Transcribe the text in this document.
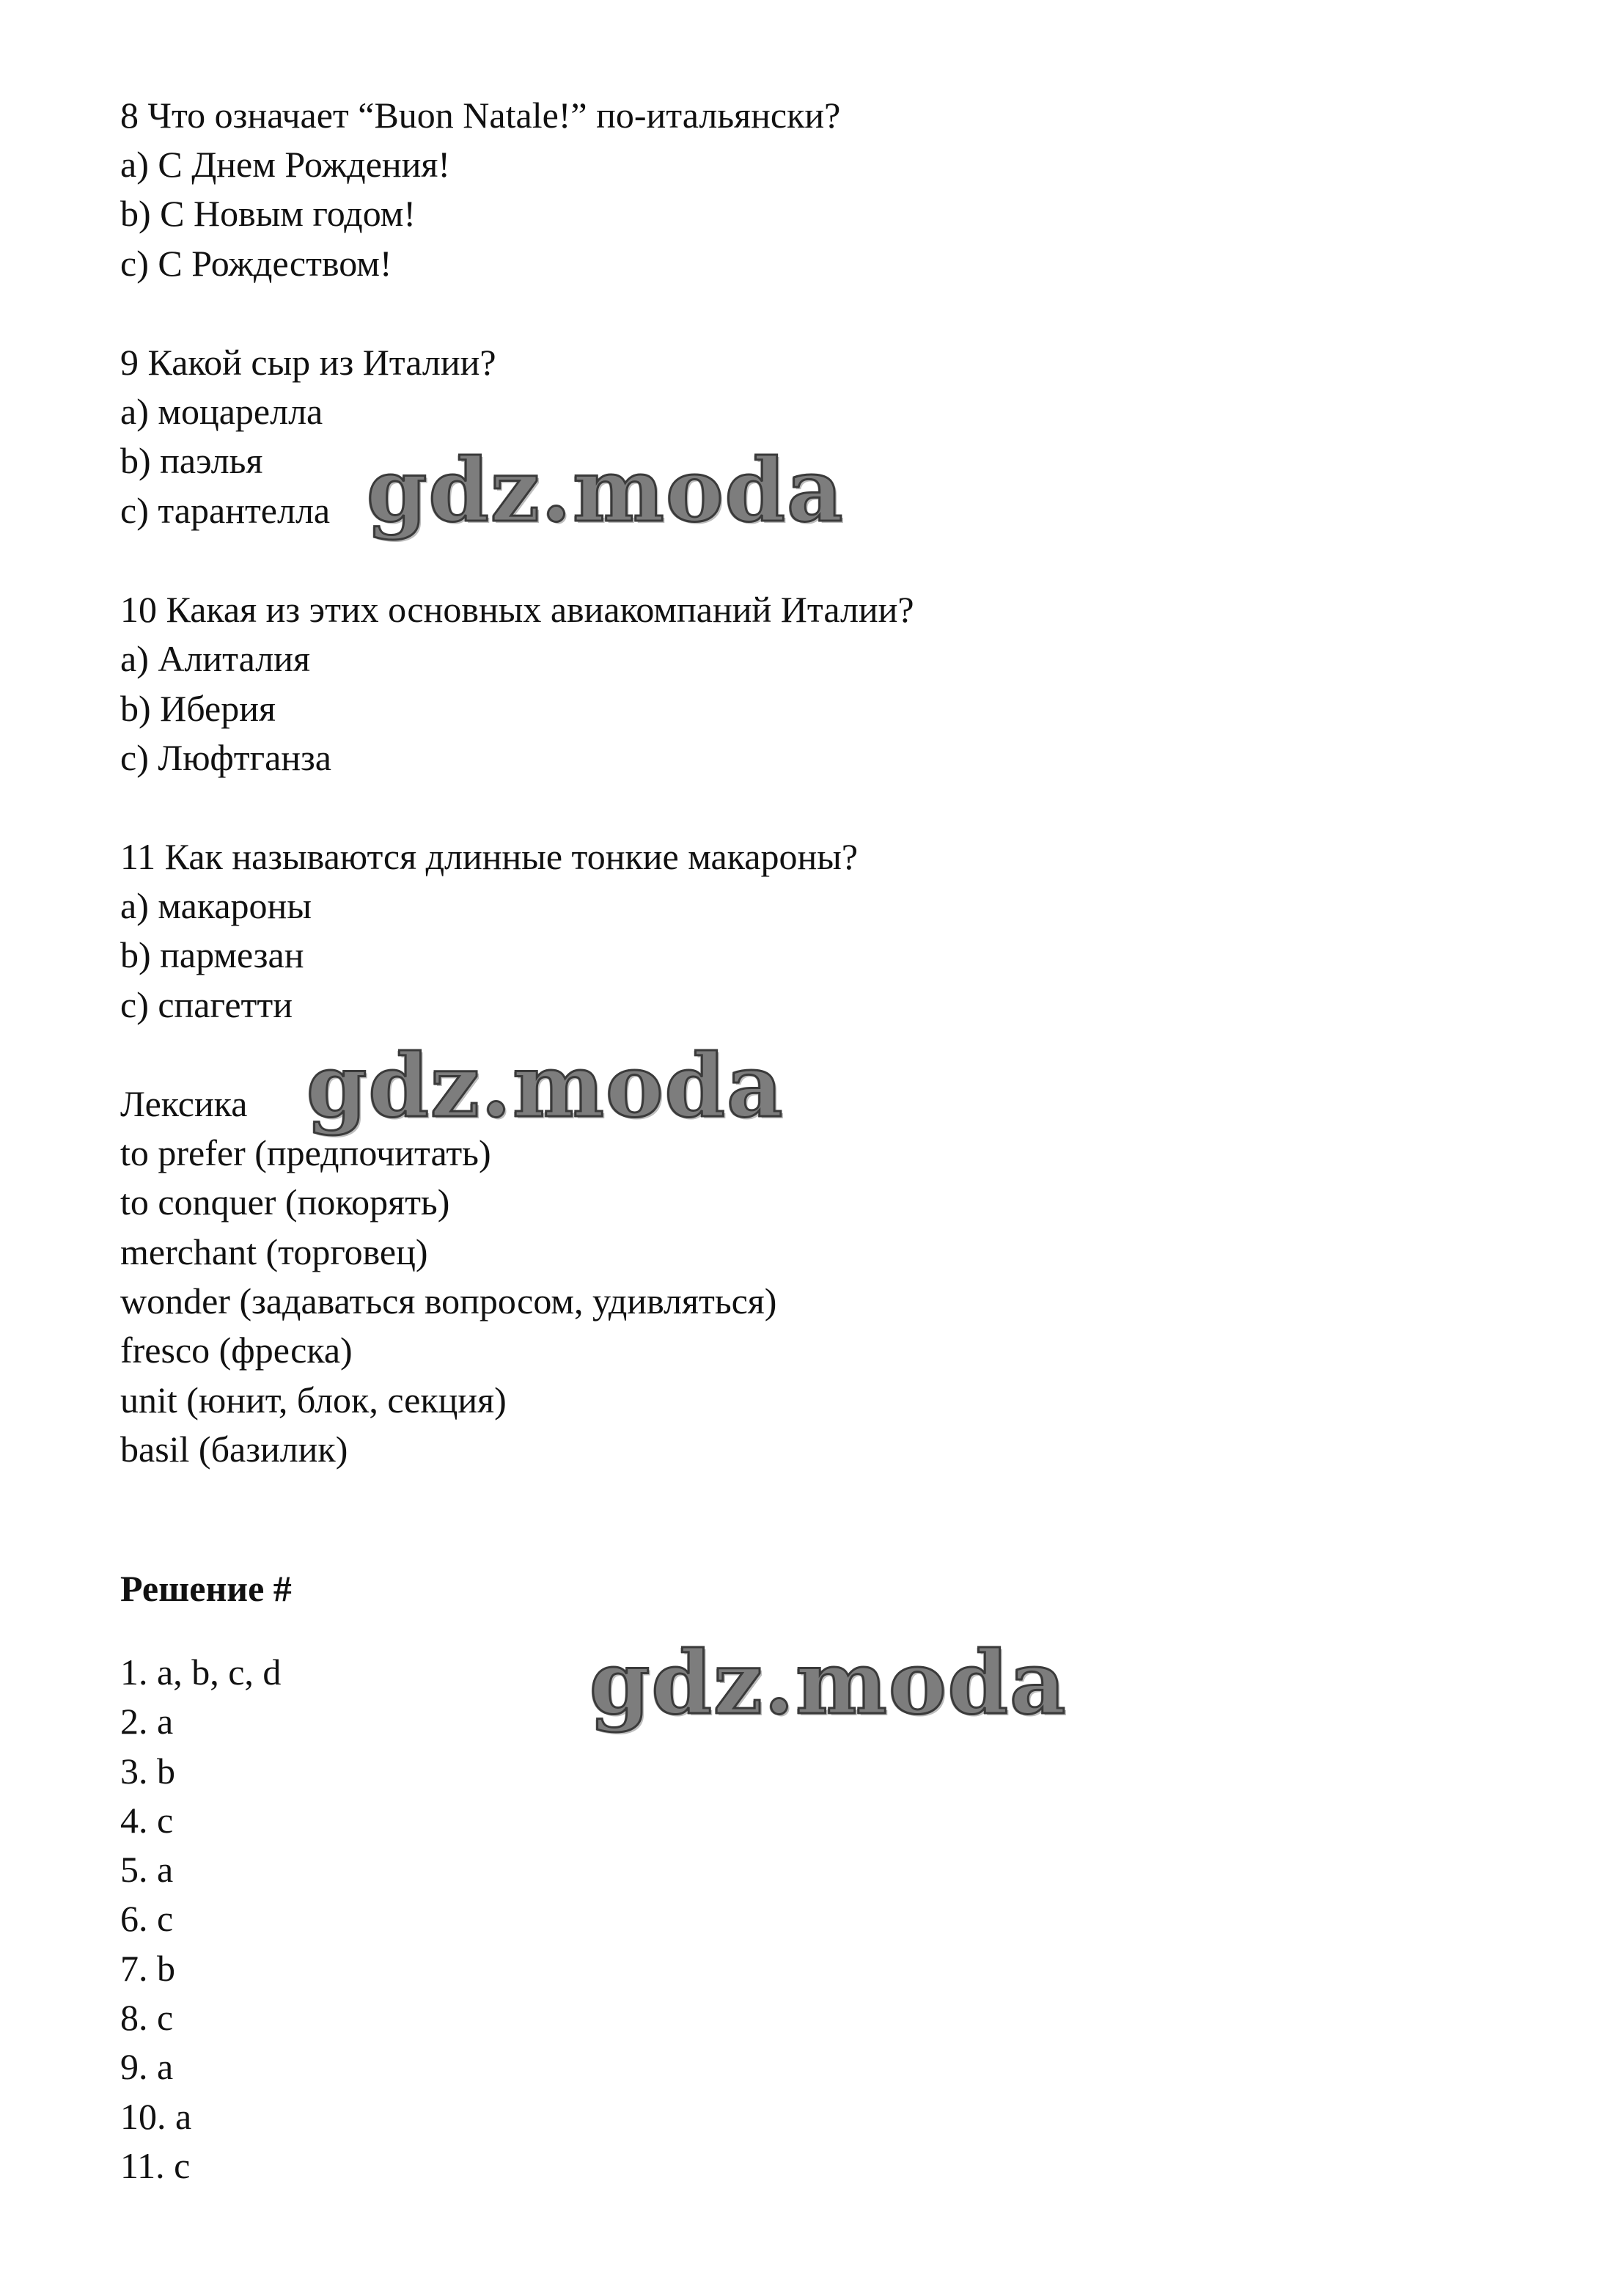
8 Что означает “Buon Natale!” по-итальянски?
a) С Днем Рождения!
b) С Новым годом!
c) С Рождеством!
9 Какой сыр из Италии?
a) моцарелла
b) паэлья
c) тарантелла
10 Какая из этих основных авиакомпаний Италии?
a) Алиталия
b) Иберия
c) Люфтганза
11 Как называются длинные тонкие макароны?
a) макароны
b) пармезан
c) спагетти
Лексика
to prefer (предпочитать)
to conquer (покорять)
merchant (торговец)
wonder (задаваться вопросом, удивляться)
fresco (фреска)
unit (юнит, блок, секция)
basil (базилик)
Решение #
1. a, b, c, d
2. a
3. b
4. c
5. a
6. c
7. b
8. c
9. a
10. a
11. c
gdz.moda
gdz.moda
gdz.moda
